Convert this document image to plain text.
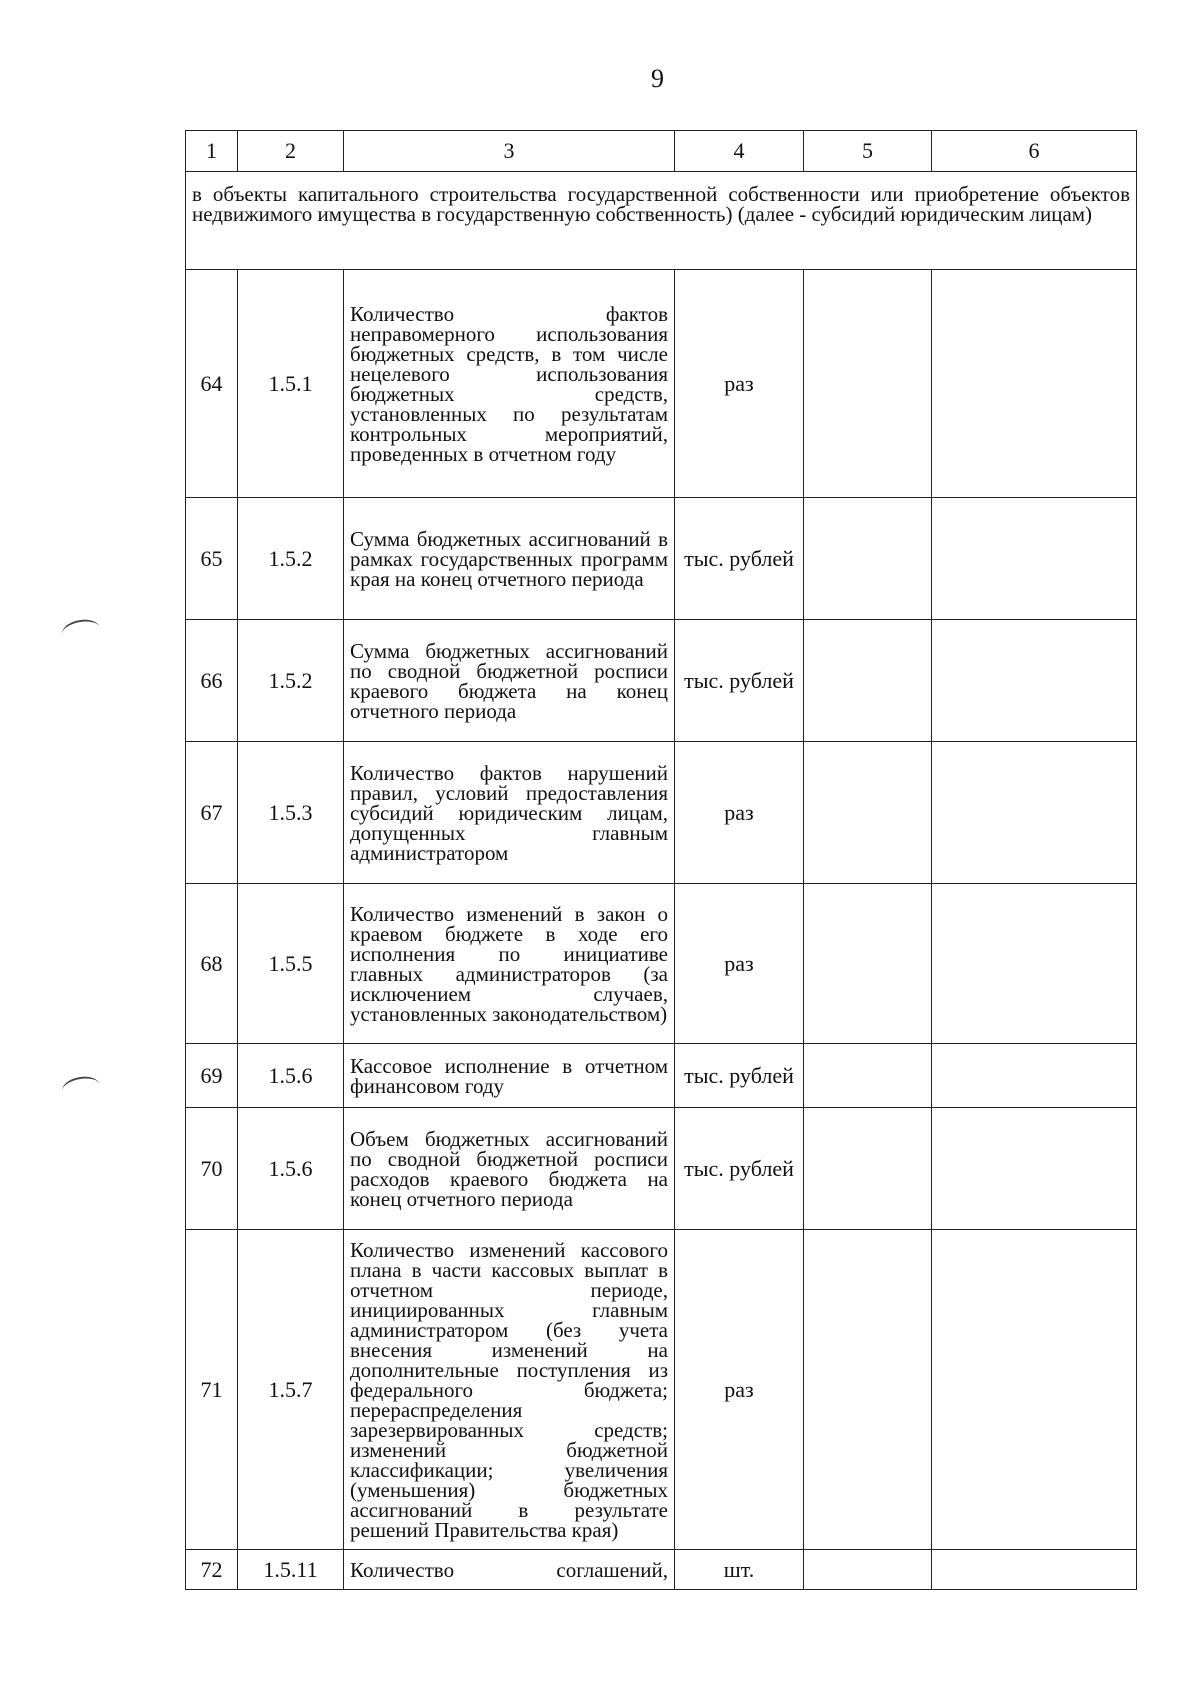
9
1	2	3	4	5	6
в объекты капитального строительства государственной собственности или приобретение объектов недвижимого имущества в государственную собственность) (далее - субсидий юридическим лицам)					
64	1.5.1	Количество фактов неправомерного использования бюджетных средств, в том числе нецелевого использования бюджетных средств, установленных по результатам контрольных мероприятий, проведенных в отчетном году	раз		
65	1.5.2	Сумма бюджетных ассигнований в рамках государственных программ края на конец отчетного периода	тыс. рублей		
66	1.5.2	Сумма бюджетных ассигнований по сводной бюджетной росписи краевого бюджета на конец отчетного периода	тыс. рублей		
67	1.5.3	Количество фактов нарушений правил, условий предоставления субсидий юридическим лицам, допущенных главным администратором	раз		
68	1.5.5	Количество изменений в закон о краевом бюджете в ходе его исполнения по инициативе главных администраторов (за исключением случаев, установленных законодательством)	раз		
69	1.5.6	Кассовое исполнение в отчетном финансовом году	тыс. рублей		
70	1.5.6	Объем бюджетных ассигнований по сводной бюджетной росписи расходов краевого бюджета на конец отчетного периода	тыс. рублей		
71	1.5.7	Количество изменений кассового плана в части кассовых выплат в отчетном периоде, инициированных главным администратором (без учета внесения изменений на дополнительные поступления из федерального бюджета; перераспределения зарезервированных средств; изменений бюджетной классификации; увеличения (уменьшения) бюджетных ассигнований в результате решений Правительства края)	раз		
72	1.5.11	Количество соглашений,	шт.		
